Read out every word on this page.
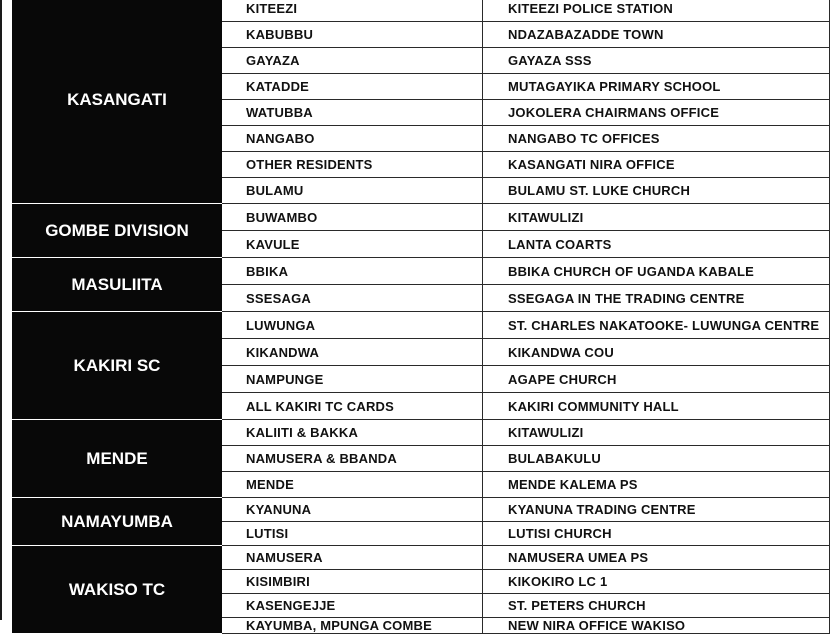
KASANGATI	KITEEZI	KITEEZI POLICE STATION
	KABUBBU	NDAZABAZADDE TOWN
	GAYAZA	GAYAZA SSS
	KATADDE	MUTAGAYIKA PRIMARY SCHOOL
	WATUBBA	JOKOLERA CHAIRMANS OFFICE
	NANGABO	NANGABO TC OFFICES
	OTHER RESIDENTS	KASANGATI NIRA OFFICE
	BULAMU	BULAMU ST. LUKE CHURCH
GOMBE DIVISION	BUWAMBO	KITAWULIZI
	KAVULE	LANTA COARTS
MASULIITA	BBIKA	BBIKA CHURCH OF UGANDA KABALE
	SSESAGA	SSEGAGA IN THE TRADING CENTRE
KAKIRI SC	LUWUNGA	ST. CHARLES NAKATOOKE- LUWUNGA CENTRE
	KIKANDWA	KIKANDWA COU
	NAMPUNGE	AGAPE CHURCH
	ALL KAKIRI TC CARDS	KAKIRI COMMUNITY HALL
MENDE	KALIITI & BAKKA	KITAWULIZI
	NAMUSERA & BBANDA	BULABAKULU
	MENDE	MENDE KALEMA PS
NAMAYUMBA	KYANUNA	KYANUNA TRADING CENTRE
	LUTISI	LUTISI CHURCH
WAKISO TC	NAMUSERA	NAMUSERA UMEA PS
	KISIMBIRI	KIKOKIRO LC 1
	KASENGEJJE	ST. PETERS CHURCH
	KAYUMBA, MPUNGA COMBE	NEW NIRA OFFICE WAKISO
